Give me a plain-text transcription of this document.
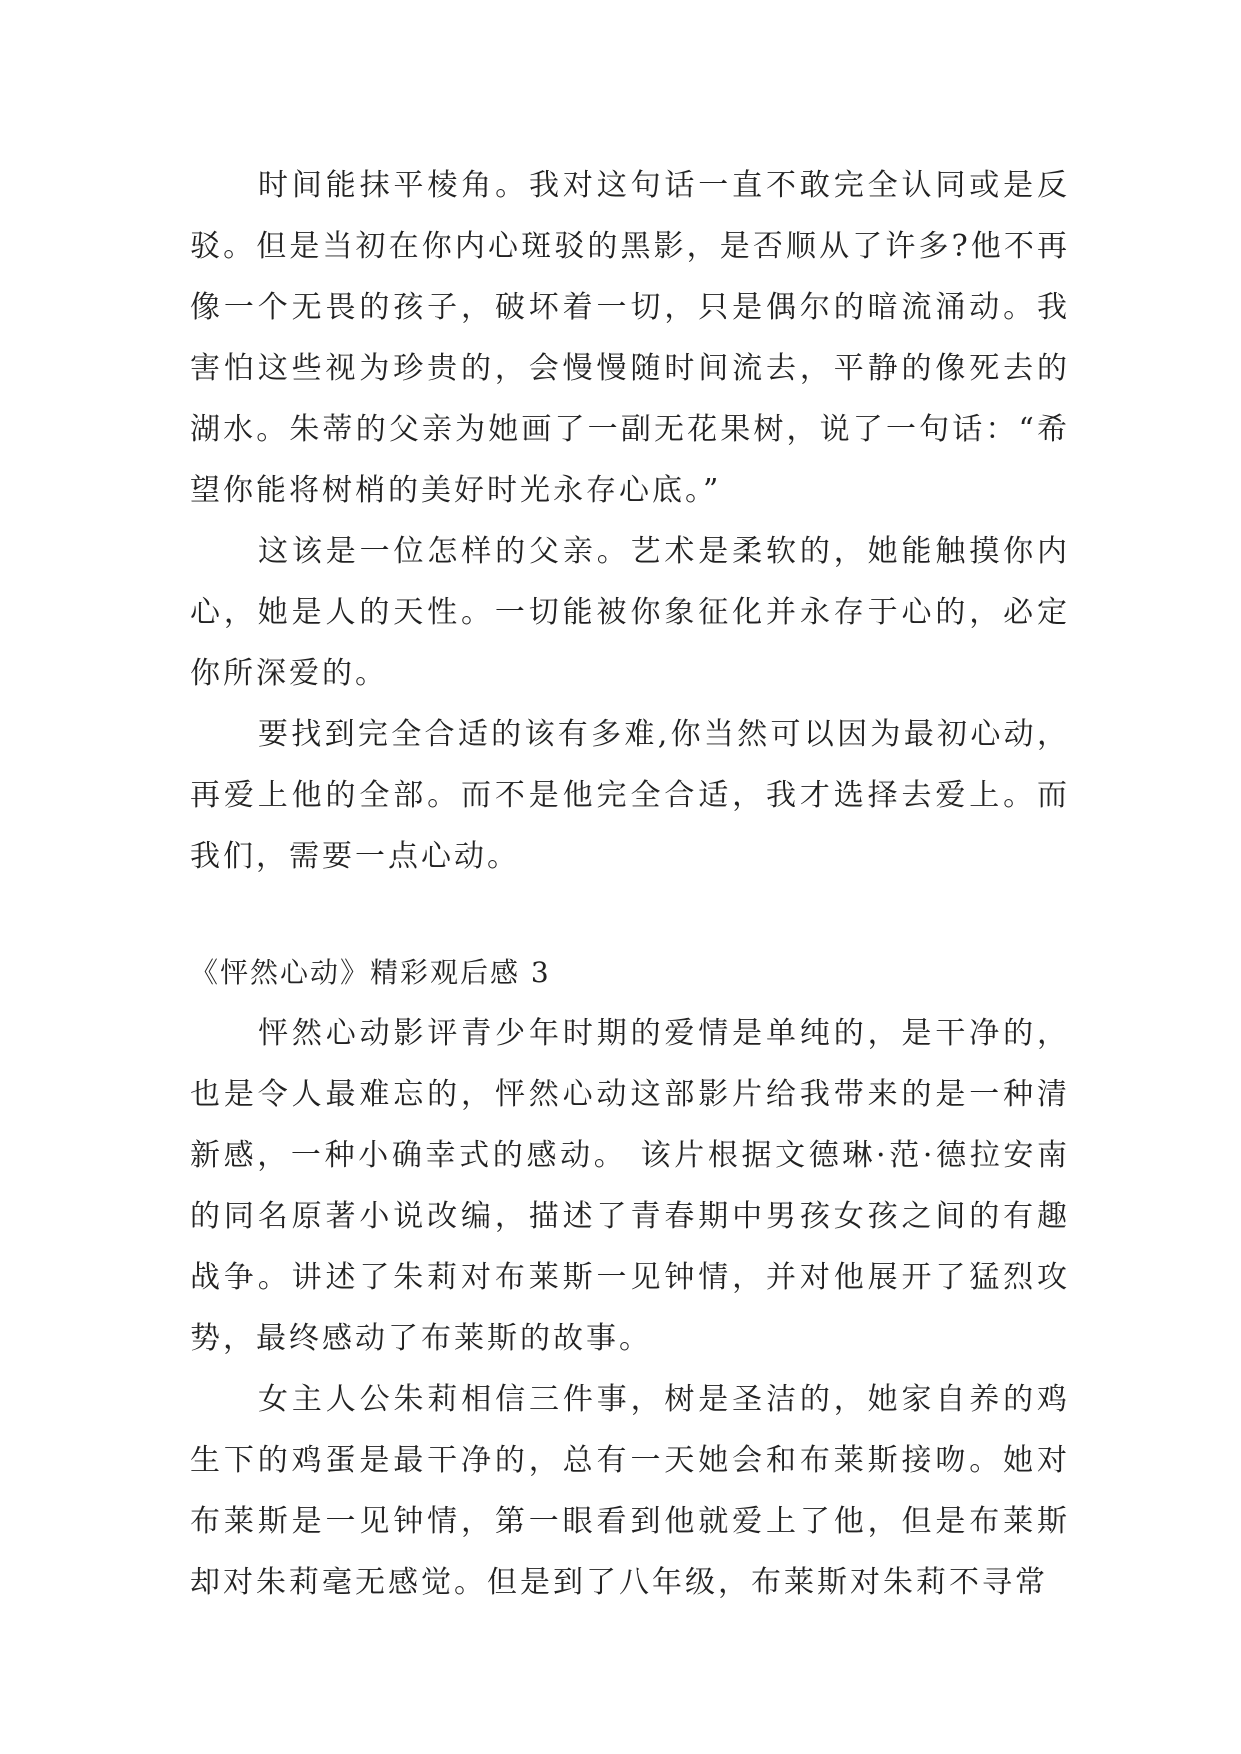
时间能抹平棱角。我对这句话一直不敢完全认同或是反驳。但是当初在你内心斑驳的黑影，是否顺从了许多?他不再像一个无畏的孩子，破坏着一切，只是偶尔的暗流涌动。我害怕这些视为珍贵的，会慢慢随时间流去，平静的像死去的湖水。朱蒂的父亲为她画了一副无花果树，说了一句话：“希望你能将树梢的美好时光永存心底。”

这该是一位怎样的父亲。艺术是柔软的，她能触摸你内心，她是人的天性。一切能被你象征化并永存于心的，必定你所深爱的。

要找到完全合适的该有多难,你当然可以因为最初心动，再爱上他的全部。而不是他完全合适，我才选择去爱上。而我们，需要一点心动。

《怦然心动》精彩观后感 3

怦然心动影评青少年时期的爱情是单纯的，是干净的，也是令人最难忘的，怦然心动这部影片给我带来的是一种清新感，一种小确幸式的感动。 该片根据文德琳·范·德拉安南的同名原著小说改编，描述了青春期中男孩女孩之间的有趣战争。讲述了朱莉对布莱斯一见钟情，并对他展开了猛烈攻势，最终感动了布莱斯的故事。

女主人公朱莉相信三件事，树是圣洁的，她家自养的鸡生下的鸡蛋是最干净的，总有一天她会和布莱斯接吻。她对布莱斯是一见钟情，第一眼看到他就爱上了他，但是布莱斯却对朱莉毫无感觉。但是到了八年级，布莱斯对朱莉不寻常
